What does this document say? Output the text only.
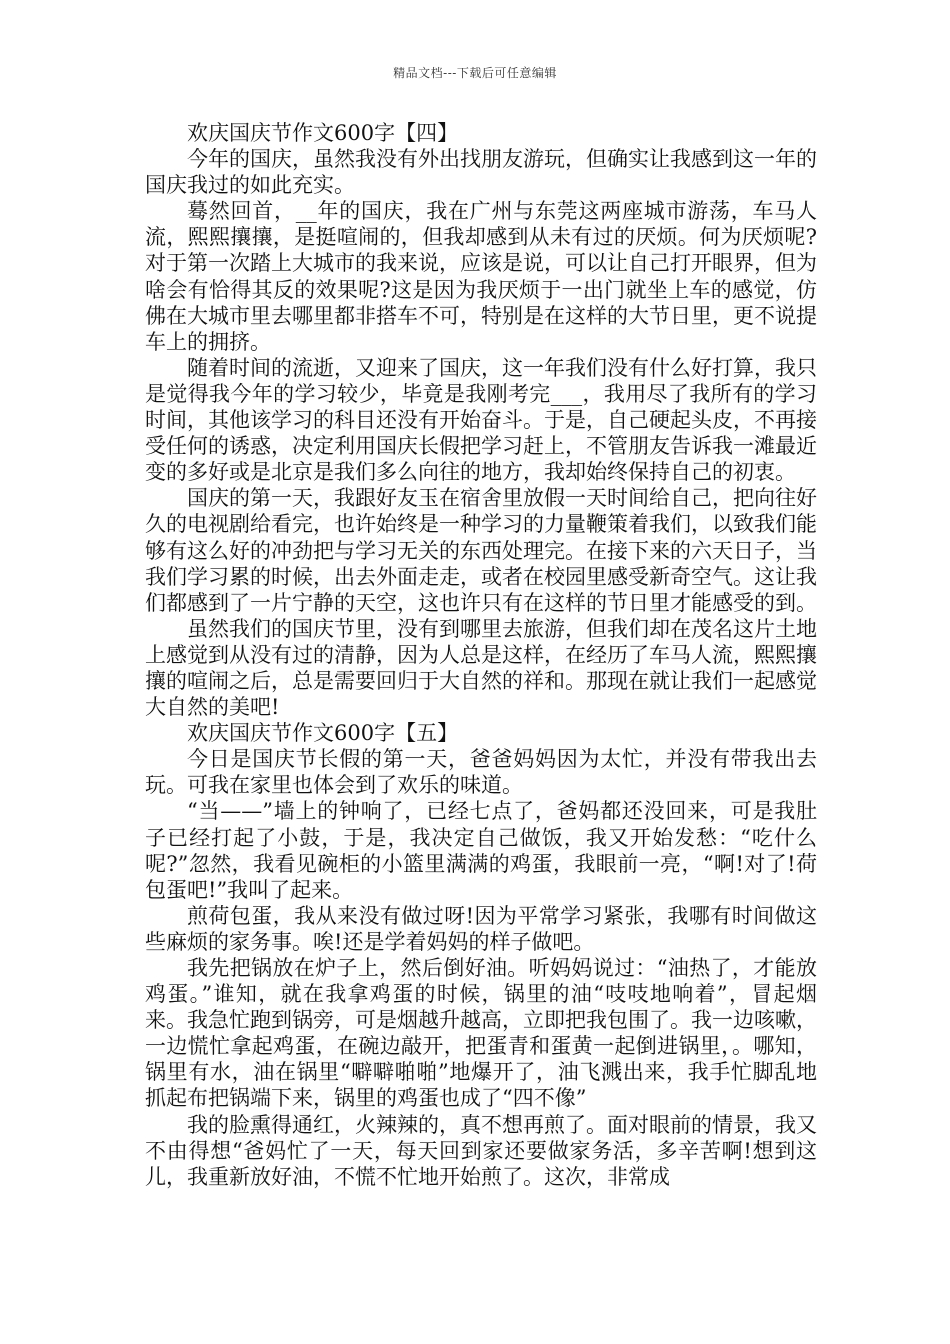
精品文档---下载后可任意编辑

欢庆国庆节作文600字【四】

今年的国庆，虽然我没有外出找朋友游玩，但确实让我感到这一年的国庆我过的如此充实。

蓦然回首，__年的国庆，我在广州与东莞这两座城市游荡，车马人流，熙熙攘攘，是挺喧闹的，但我却感到从未有过的厌烦。何为厌烦呢?对于第一次踏上大城市的我来说，应该是说，可以让自己打开眼界，但为啥会有恰得其反的效果呢?这是因为我厌烦于一出门就坐上车的感觉，仿佛在大城市里去哪里都非搭车不可，特别是在这样的大节日里，更不说提车上的拥挤。

随着时间的流逝，又迎来了国庆，这一年我们没有什么好打算，我只是觉得我今年的学习较少，毕竟是我刚考完___，我用尽了我所有的学习时间，其他该学习的科目还没有开始奋斗。于是，自己硬起头皮，不再接受任何的诱惑，决定利用国庆长假把学习赶上，不管朋友告诉我一滩最近变的多好或是北京是我们多么向往的地方，我却始终保持自己的初衷。

国庆的第一天，我跟好友玉在宿舍里放假一天时间给自己，把向往好久的电视剧给看完，也许始终是一种学习的力量鞭策着我们，以致我们能够有这么好的冲劲把与学习无关的东西处理完。在接下来的六天日子，当我们学习累的时候，出去外面走走，或者在校园里感受新奇空气。这让我们都感到了一片宁静的天空，这也许只有在这样的节日里才能感受的到。

虽然我们的国庆节里，没有到哪里去旅游，但我们却在茂名这片土地上感觉到从没有过的清静，因为人总是这样，在经历了车马人流，熙熙攘攘的喧闹之后，总是需要回归于大自然的祥和。那现在就让我们一起感觉大自然的美吧!

欢庆国庆节作文600字【五】

今日是国庆节长假的第一天，爸爸妈妈因为太忙，并没有带我出去玩。可我在家里也体会到了欢乐的味道。

“当——”墙上的钟响了，已经七点了，爸妈都还没回来，可是我肚子已经打起了小鼓，于是，我决定自己做饭，我又开始发愁：“吃什么呢?”忽然，我看见碗柜的小篮里满满的鸡蛋，我眼前一亮，“啊!对了!荷包蛋吧!”我叫了起来。

煎荷包蛋，我从来没有做过呀!因为平常学习紧张，我哪有时间做这些麻烦的家务事。唉!还是学着妈妈的样子做吧。

我先把锅放在炉子上，然后倒好油。听妈妈说过：“油热了，才能放鸡蛋。”谁知，就在我拿鸡蛋的时候，锅里的油“吱吱地响着”，冒起烟来。我急忙跑到锅旁，可是烟越升越高，立即把我包围了。我一边咳嗽，一边慌忙拿起鸡蛋，在碗边敲开，把蛋青和蛋黄一起倒进锅里，。哪知，锅里有水，油在锅里“噼噼啪啪”地爆开了，油飞溅出来，我手忙脚乱地抓起布把锅端下来，锅里的鸡蛋也成了“四不像”

我的脸熏得通红，火辣辣的，真不想再煎了。面对眼前的情景，我又不由得想“爸妈忙了一天，每天回到家还要做家务活，多辛苦啊!想到这儿，我重新放好油，不慌不忙地开始煎了。这次，非常成
